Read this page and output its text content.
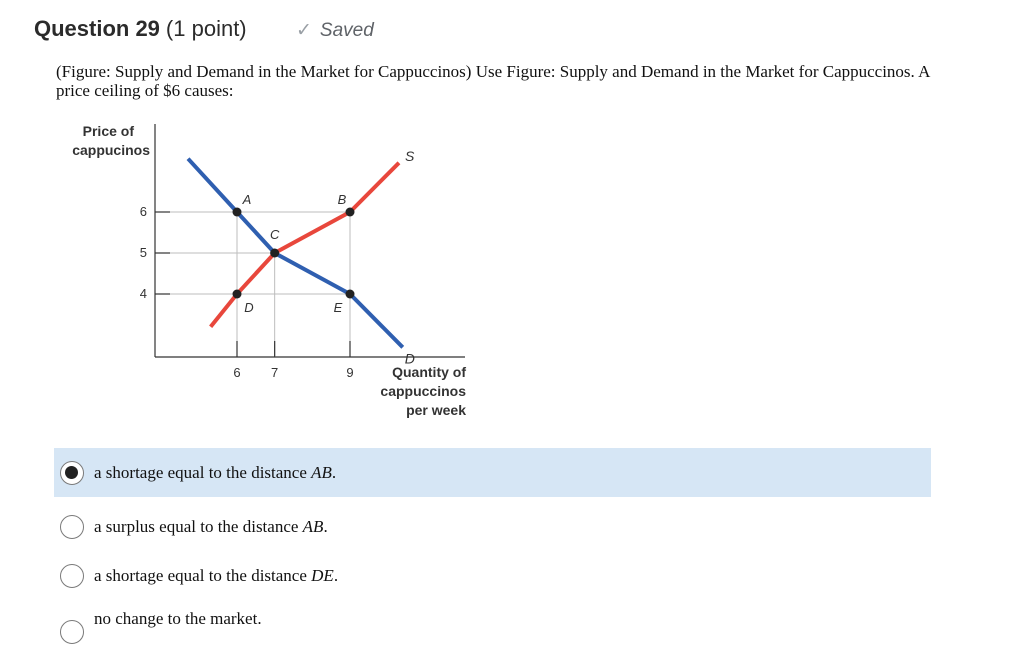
Question 29 (1 point)	✓ Saved
(Figure: Supply and Demand in the Market for Cappuccinos) Use Figure: Supply and Demand in the Market for Cappuccinos. A price ceiling of $6 causes:
Price of
cappucinos
Quantity of
cappuccinos
per week
4
5
6
6 7	9
S
D
A	B
C
D	E
a shortage equal to the distance AB.
a surplus equal to the distance AB.
a shortage equal to the distance DE.
no change to the market.
